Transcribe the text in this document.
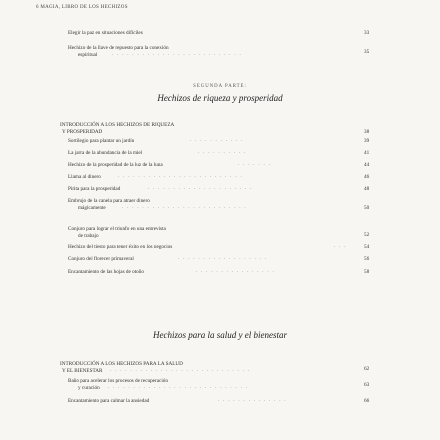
6 MAGIA, LIBRO DE LOS HECHIZOS
Elegir la paz en situaciones difíciles	33
Hechizo de la llave de repuesto para la conexión
espiritual	. . . . . . . . . . . . . . . . . . . . . . . . . .	35
SEGUNDA PARTE:
Hechizos de riqueza y prosperidad
INTRODUCCIÓN A LOS HECHIZOS DE RIQUEZA
Y PROSPERIDAD	38
Sortilegio para plantar un jardín	. . . . . . . . . . .	39
La jarra de la abundancia de la miel	. . . . . . . . . .	41
Hechizo de la prosperidad de la luz de la luna	. . . . . . .	44
Llama al dinero	. . . . . . . . . . . . . . . . . . . . . . . . .	46
Pirita para la prosperidad	. . . . . . . . . . . . . . . . . . . . .	48
Embrujo de la canela para atraer dinero
mágicamente	. . . . . . . . . . . . . . . . . . . . . . . . .	50
Conjuro para lograr el triunfo en una entrevista
de trabajo	52
Hechizo del tiesto para tener éxito en los negocios	. . .	54
Conjuro del florecer primaveral	. . . . . . . . . . . . . . . . . .	56
Encantamiento de las hojas de otoño	. . . . . . . . . . . . . . . .	58
Hechizos para la salud y el bienestar
INTRODUCCIÓN A LOS HECHIZOS PARA LA SALUD
Y EL BIENESTAR . . . . . . . . . . . . . . . . . . . . . . . . . . . .	62
Baño para acelerar los procesos de recuperación
y curación	. . . . . . . . . . . . . . . . . . . . . . . . . . . .	63
Encantamiento para calmar la ansiedad	. . . . . . . . . . . . . .	66
